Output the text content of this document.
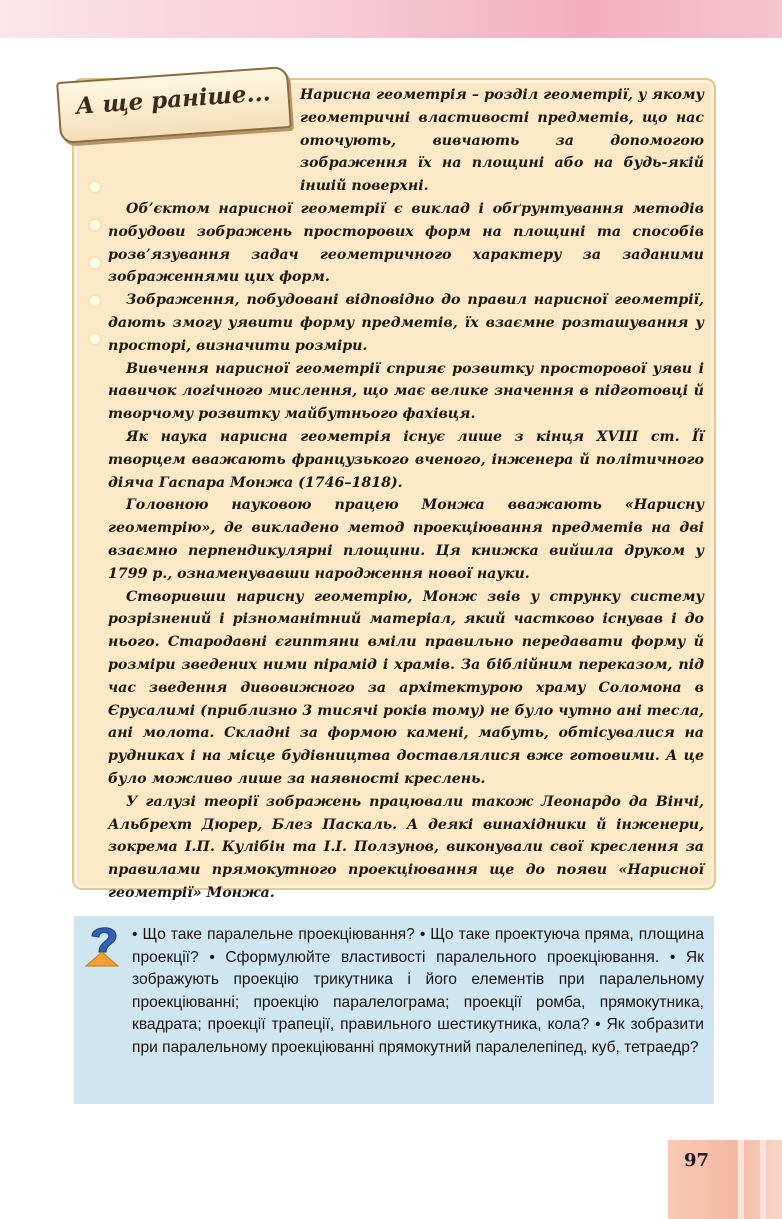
А ще раніше...	Нарисна геометрія – розділ геометрії, у якому геометричні властивості предметів, що нас оточують, вивчають за допомогою зображення їх на площині або на будь-якій іншій поверхні.

Об’єктом нарисної геометрії є виклад і обґрунтування методів побудови зображень просторових форм на площині та способів розв’язування задач геометричного характеру за заданими зображеннями цих форм.

Зображення, побудовані відповідно до правил нарисної геометрії, дають змогу уявити форму предметів, їх взаємне розташування у просторі, визначити розміри.

Вивчення нарисної геометрії сприяє розвитку просторової уяви і навичок логічного мислення, що має велике значення в підготовці й творчому розвитку майбутнього фахівця.

Як наука нарисна геометрія існує лише з кінця XVIII ст. Її творцем вважають французького вченого, інженера й політичного діяча Гаспара Монжа (1746–1818).

Головною науковою працею Монжа вважають «Нарисну геометрію», де викладено метод проекціювання предметів на дві взаємно перпендикулярні площини. Ця книжка вийшла друком у 1799 р., ознаменувавши народження нової науки.

Створивши нарисну геометрію, Монж звів у струнку систему розрізнений і різноманітний матеріал, який частково існував і до нього. Стародавні єгиптяни вміли правильно передавати форму й розміри зведених ними пірамід і храмів. За біблійним переказом, під час зведення дивовижного за архітектурою храму Соломона в Єрусалимі (приблизно 3 тисячі років тому) не було чутно ані тесла, ані молота. Складні за формою камені, мабуть, обтісувалися на рудниках і на місце будівництва доставлялися вже готовими. А це було можливо лише за наявності креслень.

У галузі теорії зображень працювали також Леонардо да Вінчі, Альбрехт Дюрер, Блез Паскаль. А деякі винахідники й інженери, зокрема І.П. Кулібін та І.І. Ползунов, виконували свої креслення за правилами прямокутного проекціювання ще до появи «Нарисної геометрії» Монжа.

• Що таке паралельне проекціювання? • Що таке проектуюча пряма, площина проекції? • Сформулюйте властивості паралельного проекціювання. • Як зображують проекцію трикутника і його елементів при паралельному проекціюванні; проекцію паралелограма; проекції ромба, прямокутника, квадрата; проекції трапеції, правильного шестикутника, кола? • Як зобразити при паралельному проекціюванні прямокутний паралелепіпед, куб, тетраедр?

97
